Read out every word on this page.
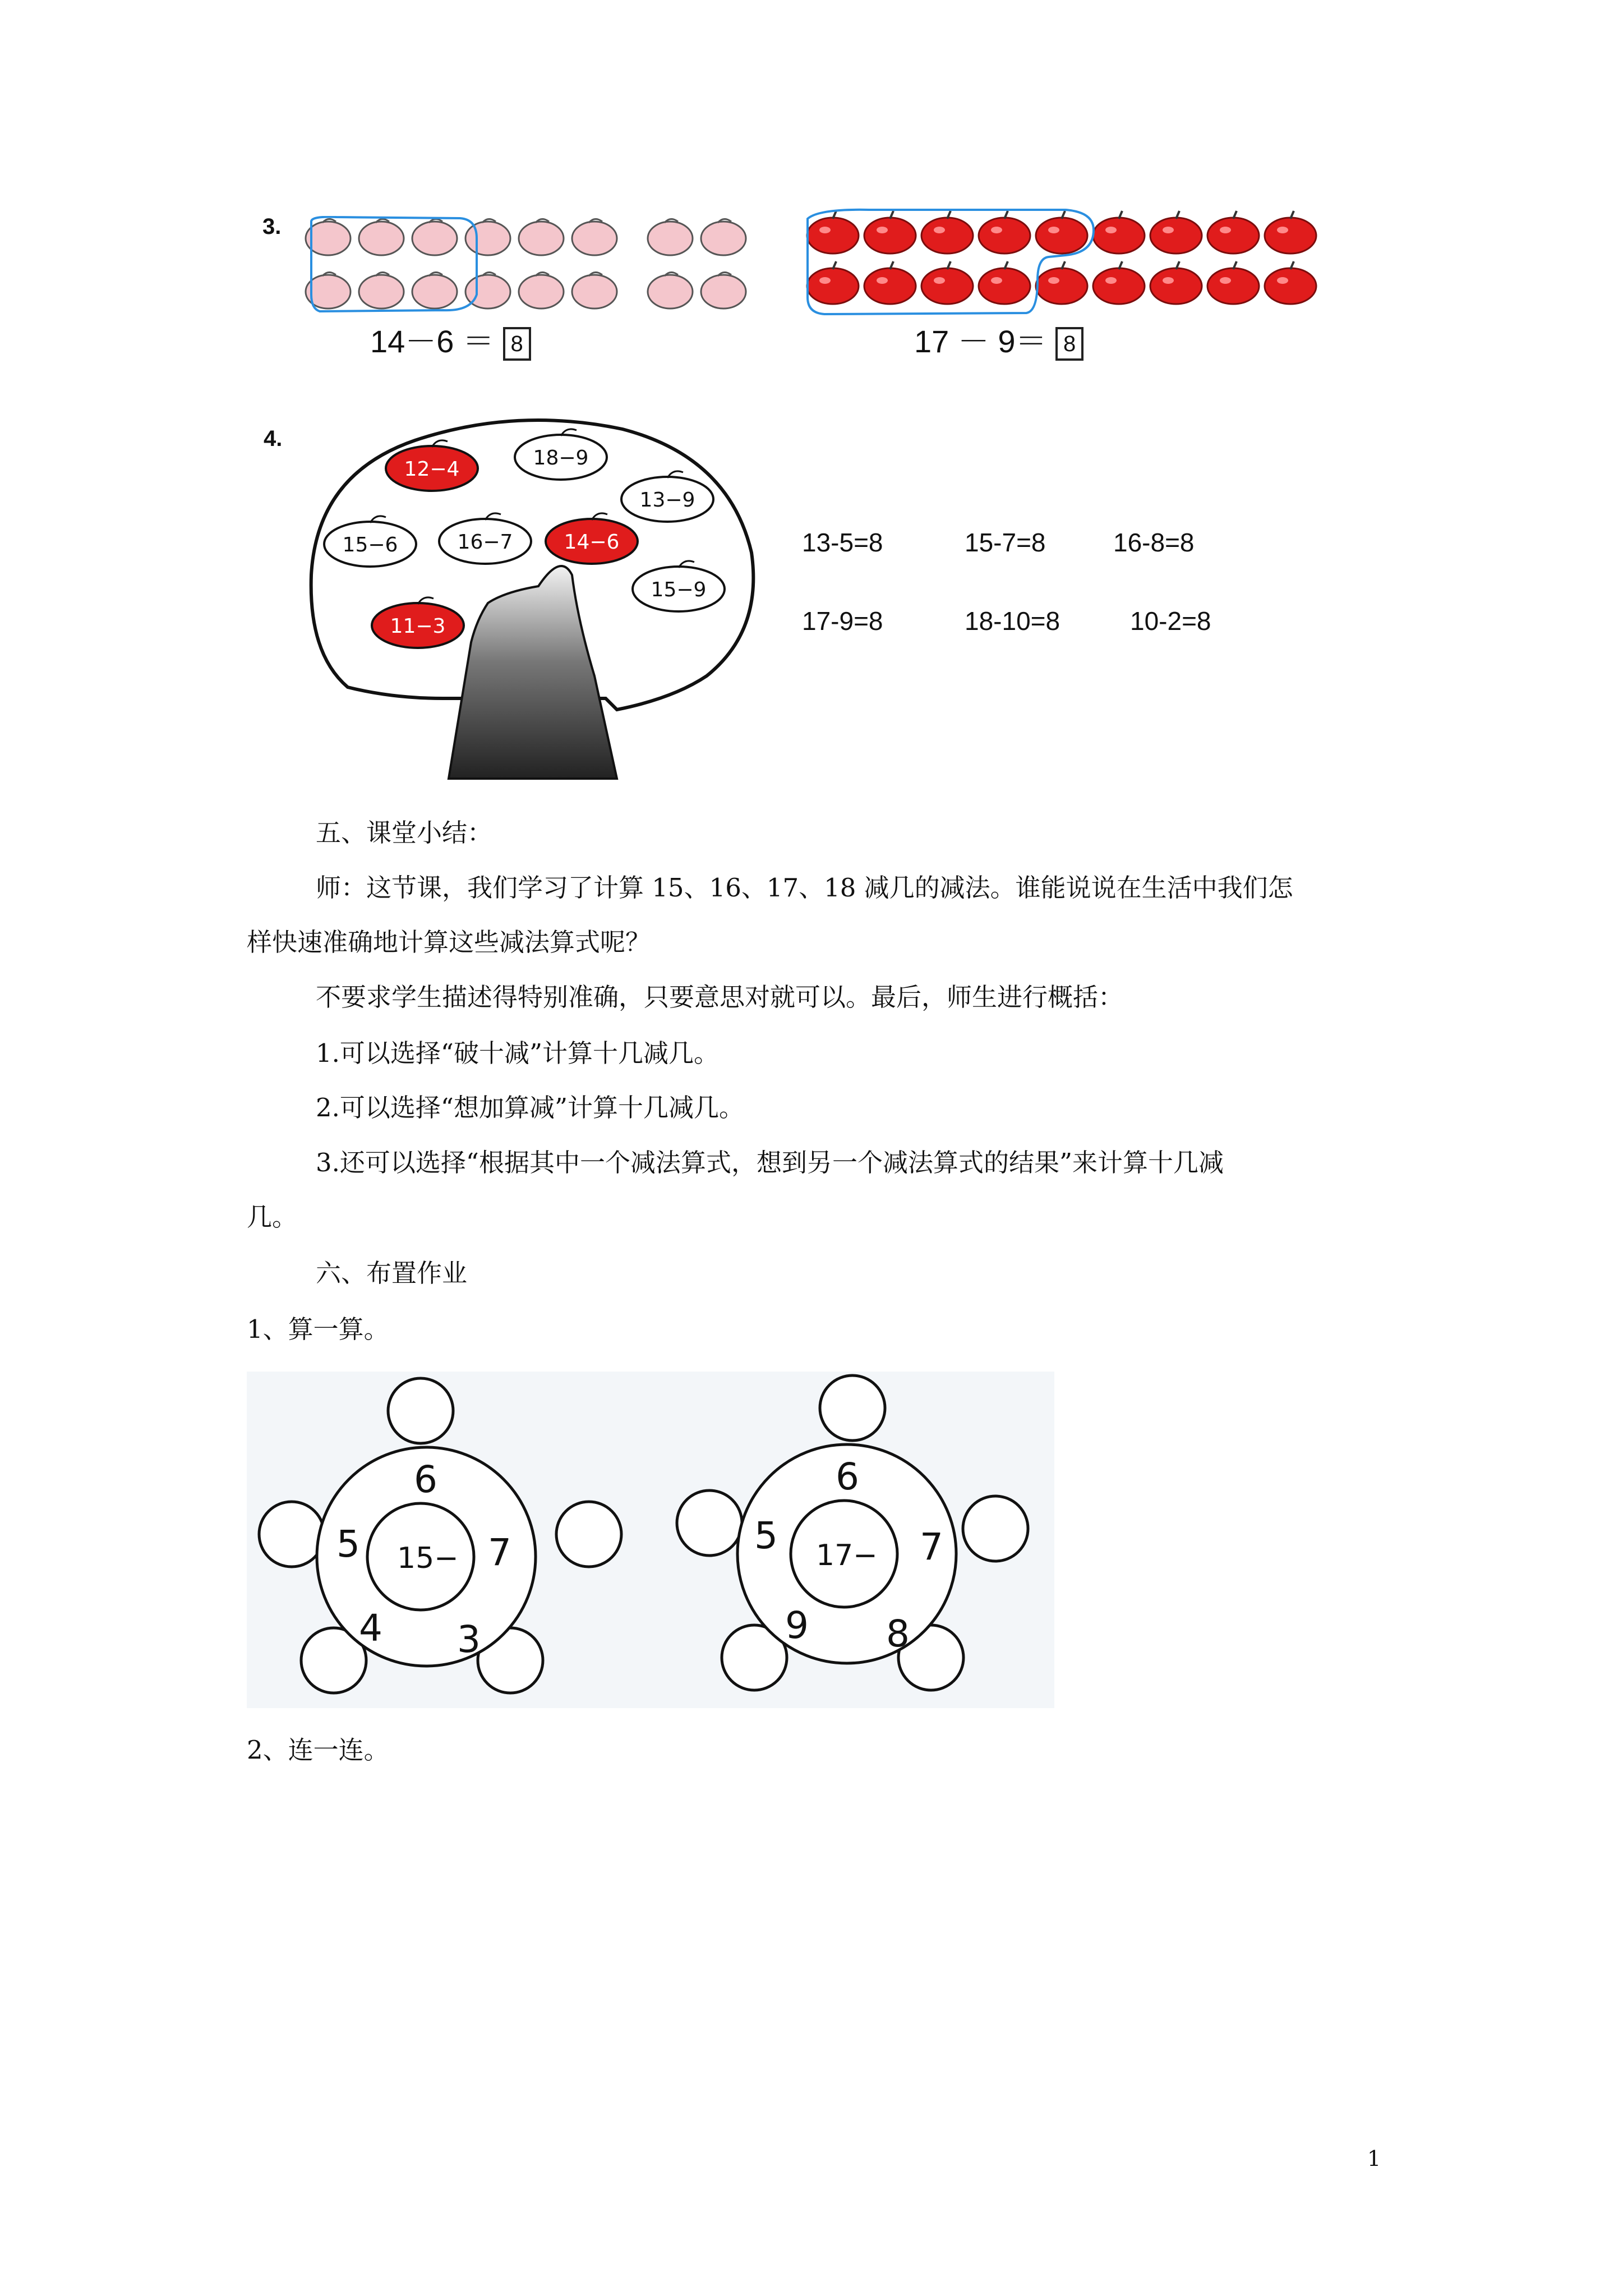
3.
14－6 ＝ 8	17 － 9＝ 8
4.
12−4	18−9
13−9
15−6	16−7	14−6
15−9
11−3
13-5=8	15-7=8	16-8=8
17-9=8	18-10=8	10-2=8
五、课堂小结：
师：这节课，我们学习了计算 15、16、17、18 减几的减法。谁能说说在生活中我们怎
样快速准确地计算这些减法算式呢？
不要求学生描述得特别准确，只要意思对就可以。最后，师生进行概括：
1.可以选择“破十减”计算十几减几。
2.可以选择“想加算减”计算十几减几。
3.还可以选择“根据其中一个减法算式，想到另一个减法算式的结果”来计算十几减
几。
六、布置作业
1、算一算。
15−
6
7
3
4
5	17−
6
7
8
9
5
2、连一连。
1
